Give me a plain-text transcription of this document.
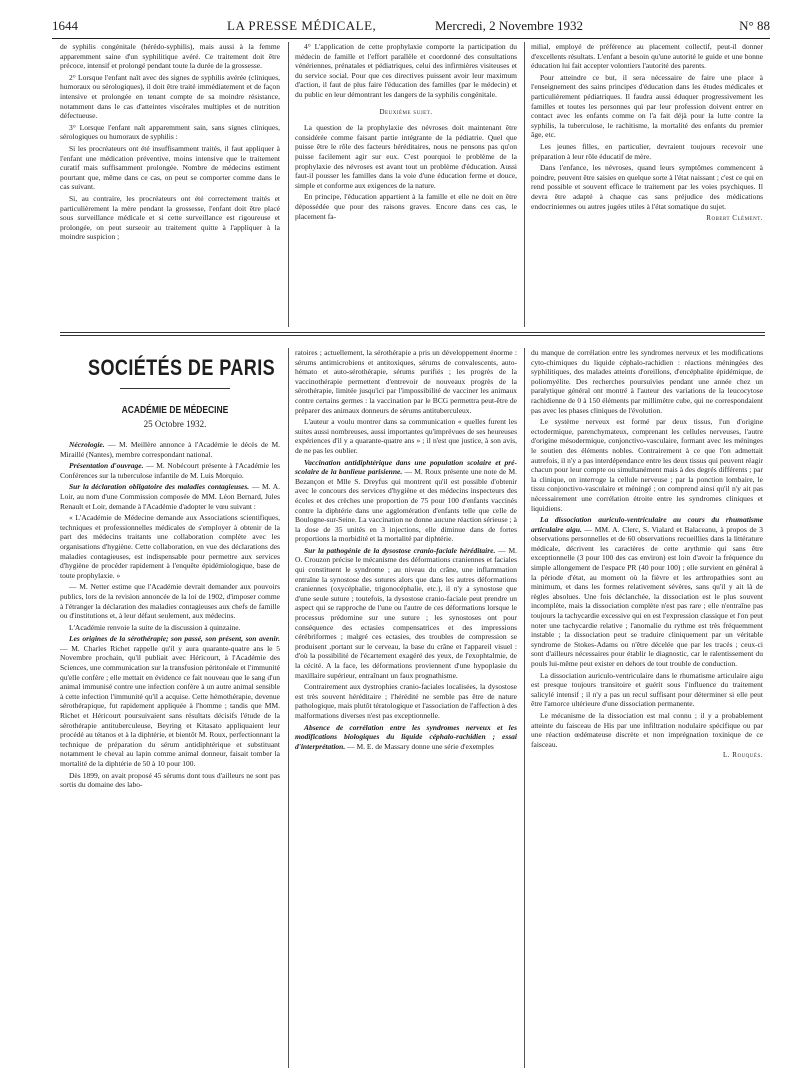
1644	LA PRESSE MÉDICALE,	Mercredi, 2 Novembre 1932	N° 88

de syphilis congénitale (hérédo-syphilis), mais aussi à la femme apparemment saine d'un syphilitique avéré. Ce traitement doit être précoce, intensif et prolongé pendant toute la durée de la grossesse.

2° Lorsque l'enfant naît avec des signes de syphilis avérée (cliniques, humoraux ou sérologiques), il doit être traité immédiatement et de façon intensive et prolongée en tenant compte de sa moindre résistance, notamment dans le cas d'atteintes viscérales multiples et de nutrition défectueuse.

3° Lorsque l'enfant naît apparemment sain, sans signes cliniques, sérologiques ou humoraux de syphilis :

Si les procréateurs ont été insuffisamment traités, il faut appliquer à l'enfant une médication préventive, moins intensive que le traitement curatif mais suffisamment prolongée. Nombre de médecins estiment pourtant que, même dans ce cas, on peut se comporter comme dans le cas suivant.

Si, au contraire, les procréateurs ont été correctement traités et particulièrement la mère pendant la grossesse, l'enfant doit être placé sous surveillance médicale et si cette surveillance est rigoureuse et prolongée, on peut surseoir au traitement quitte à l'appliquer à la moindre suspicion ;

4° L'application de cette prophylaxie comporte la participation du médecin de famille et l'effort parallèle et coordonné des consultations vénériennes, prénatales et pédiatriques, celui des infirmières visiteuses et du service social. Pour que ces directives puissent avoir leur maximum d'action, il faut de plus faire l'éducation des familles (par le médecin) et du public en leur démontrant les dangers de la syphilis congénitale.

Deuxième sujet.

La question de la prophylaxie des névroses doit maintenant être considérée comme faisant partie intégrante de la pédiatrie. Quel que puisse être le rôle des facteurs héréditaires, nous ne pensons pas qu'on puisse facilement agir sur eux. C'est pourquoi le problème de la prophylaxie des névroses est avant tout un problème d'éducation. Aussi faut-il pousser les familles dans la voie d'une éducation ferme et douce, simple et conforme aux exigences de la nature.

En principe, l'éducation appartient à la famille et elle ne doit en être dépossédée que pour des raisons graves. Encore dans ces cas, le placement fa-

milial, employé de préférence au placement collectif, peut-il donner d'excellents résultats. L'enfant a besoin qu'une autorité le guide et une bonne éducation lui fait accepter volontiers l'autorité des parents.

Pour atteindre ce but, il sera nécessaire de faire une place à l'enseignement des sains principes d'éducation dans les études médicales et particulièrement pédiatriques. Il faudra aussi éduquer progressivement les familles et toutes les personnes qui par leur profession doivent entrer en contact avec les enfants comme on l'a fait déjà pour la lutte contre la syphilis, la tuberculose, le rachitisme, la mortalité des enfants du premier âge, etc.

Les jeunes filles, en particulier, devraient toujours recevoir une préparation à leur rôle éducatif de mère.

Dans l'enfance, les névroses, quand leurs symptômes commencent à poindre, peuvent être saisies en quelque sorte à l'état naissant ; c'est ce qui en rend possible et souvent efficace le traitement par les voies psychiques. Il devra être adapté à chaque cas sans préjudice des médications endocriniennes ou autres jugées utiles à l'état somatique du sujet.

Robert Clément.

SOCIÉTÉS DE PARIS
ACADÉMIE DE MÉDECINE
25 Octobre 1932.

Nécrologie. — M. Meillère annonce à l'Académie le décès de M. Miraillé (Nantes), membre correspondant national.

Présentation d'ouvrage. — M. Nobécourt présente à l'Académie les Conférences sur la tuberculose infantile de M. Luis Morquio.

Sur la déclaration obligatoire des maladies contagieuses. — M. A. Loir, au nom d'une Commission composée de MM. Léon Bernard, Jules Renault et Loir, demande à l'Académie d'adopter le vœu suivant :

« L'Académie de Médecine demande aux Associations scientifiques, techniques et professionnelles médicales de s'employer à obtenir de la part des médecins traitants une collaboration complète avec les organisations d'hygiène. Cette collaboration, en vue des déclarations des maladies contagieuses, est indispensable pour permettre aux services d'hygiène de procéder rapidement à l'enquête épidémiologique, base de toute prophylaxie. »

— M. Netter estime que l'Académie devrait demander aux pouvoirs publics, lors de la revision annoncée de la loi de 1902, d'imposer comme à l'étranger la déclaration des maladies contagieuses aux chefs de famille ou d'institutions et, à leur défaut seulement, aux médecins.

L'Académie renvoie la suite de la discussion à quinzaine.

Les origines de la sérothérapie; son passé, son présent, son avenir. — M. Charles Richet rappelle qu'il y aura quarante-quatre ans le 5 Novembre prochain, qu'il publiait avec Héricourt, à l'Académie des Sciences, une communication sur la transfusion péritonéale et l'immunité qu'elle confère ; elle mettait en évidence ce fait nouveau que le sang d'un animal immunisé contre une infection confère à un autre animal sensible à cette infection l'immunité qu'il a acquise. Cette hémothérapie, devenue sérothérapique, fut rapidement appliquée à l'homme ; tandis que MM. Richet et Héricourt poursuivaient sans résultats décisifs l'étude de la sérothérapie antituberculeuse, Beyring et Kitasato appliquaient leur procédé au tétanos et à la diphtérie, et bientôt M. Roux, perfectionnant la technique de préparation du sérum antidiphtérique et substituant notamment le cheval au lapin comme animal donneur, faisait tomber la mortalité de la diphtérie de 50 à 10 pour 100.

Dès 1899, on avait proposé 45 sérums dont tous d'ailleurs ne sont pas sortis du domaine des labo-

ratoires ; actuellement, la sérothérapie a pris un développement énorme : sérums antimicrobiens et antitoxiques, sérums de convalescents, auto-hémato et auto-sérothérapie, sérums purifiés ; les progrès de la vaccinothérapie permettent d'entrevoir de nouveaux progrès de la sérothérapie, limitée jusqu'ici par l'impossibilité de vacciner les animaux contre certains germes : la vaccination par le BCG permettra peut-être de préparer des animaux donneurs de sérums antituberculeux.

L'auteur a voulu montrer dans sa communication « quelles furent les suites aussi nombreuses, aussi importantes qu'imprévues de ses heureuses expériences d'il y a quarante-quatre ans » ; il n'est que justice, à son avis, de ne pas les oublier.

Vaccination antidiphtérique dans une population scolaire et pré-scolaire de la banlieue parisienne. — M. Roux présente une note de M. Bezançon et Mlle S. Dreyfus qui montrent qu'il est possible d'obtenir avec le concours des services d'hygiène et des médecins inspecteurs des écoles et des crèches une proportion de 75 pour 100 d'enfants vaccinés contre la diphtérie dans une agglomération d'enfants telle que celle de Boulogne-sur-Seine. La vaccination ne donne aucune réaction sérieuse ; à la dose de 35 unités en 3 injections, elle diminue dans de fortes proportions la morbidité et la mortalité par diphtérie.

Sur la pathogénie de la dysostose cranio-faciale héréditaire. — M. O. Crouzon précise le mécanisme des déformations craniennes et faciales qui constituent le syndrome ; au niveau du crâne, une inflammation entraîne la synostose des sutures alors que dans les autres déformations craniennes (oxycéphalie, trigonocéphalie, etc.), il n'y a synostose que d'une seule suture ; toutefois, la dysostose cranio-faciale peut prendre un aspect qui se rapproche de l'une ou l'autre de ces déformations lorsque le processus prédomine sur une suture ; les synostoses ont pour conséquence des ectasies compensatrices et des impressions cérébriformes ; malgré ces ectasies, des troubles de compression se produisent ,portant sur le cerveau, la base du crâne et l'appareil visuel : d'où la possibilité de l'écartement exagéré des yeux, de l'exophtalmie, de la cécité. A la face, les déformations proviennent d'une hypoplasie du maxillaire supérieur, entraînant un faux prognathisme.

Contrairement aux dystrophies cranio-faciales localisées, la dysostose est très souvent héréditaire ; l'hérédité ne semble pas être de nature pathologique, mais plutôt tératologique et l'association de l'affection à des malformations diverses n'est pas exceptionnelle.

Absence de corrélation entre les syndromes nerveux et les modifications biologiques du liquide céphalo-rachidien ; essai d'interprétation. — M. E. de Massary donne une série d'exemples

du manque de corrélation entre les syndromes nerveux et les modifications cyto-chimiques du liquide céphalo-rachidien : réactions méningées des syphilitiques, des malades atteints d'oreillons, d'encéphalite épidémique, de poliomyélite. Des recherches poursuivies pendant une année chez un paralytique général ont montré à l'auteur des variations de la leucocytose rachidienne de 0 à 150 éléments par millimètre cube, qui ne correspondaient pas avec les phases cliniques de l'évolution.

Le système nerveux est formé par deux tissus, l'un d'origine ectodermique, parenchymateux, comprenant les cellules nerveuses, l'autre d'origine mésodermique, conjonctivo-vasculaire, formant avec les méninges le soutien des éléments nobles. Contrairement à ce que l'on admettait autrefois, il n'y a pas interdépendance entre les deux tissus qui peuvent réagir chacun pour leur compte ou simultanément mais à des degrés différents ; par la clinique, on interroge la cellule nerveuse ; par la ponction lombaire, le tissu conjonctivo-vasculaire et méningé ; on comprend ainsi qu'il n'y ait pas nécessairement une corrélation étroite entre les syndromes cliniques et liquidiens.

La dissociation auriculo-ventriculaire au cours du rhumatisme articulaire aigu. — MM. A. Clerc, S. Vialard et Balaceanu, à propos de 3 observations personnelles et de 60 observations recueillies dans la littérature médicale, décrivent les caractères de cette arythmie qui sans être exceptionnelle (3 pour 100 des cas environ) est loin d'avoir la fréquence du simple allongement de l'espace PR (40 pour 100) ; elle survient en général à la période d'état, au moment où la fièvre et les arthropathies sont au minimum, et dans les formes relativement sévères, sans qu'il y ait là de règles absolues. Une fois déclanchée, la dissociation est le plus souvent incomplète, mais la dissociation complète n'est pas rare ; elle n'entraîne pas toujours la tachycardie excessive qui en est l'expression classique et l'on peut noter une tachycardie relative ; l'anomalie du rythme est très fréquemment instable ; la dissociation peut se traduire cliniquement par un véritable syndrome de Stokes-Adams ou n'être décelée que par les tracés ; ceux-ci sont d'ailleurs nécessaires pour établir le diagnostic, car le ralentissement du pouls lui-même peut exister en dehors de tout trouble de conduction.

La dissociation auriculo-ventriculaire dans le rhumatisme articulaire aigu est presque toujours transitoire et guérit sous l'influence du traitement salicylé intensif ; il n'y a pas un recul suffisant pour déterminer si elle peut être l'amorce ultérieure d'une dissociation permanente.

Le mécanisme de la dissociation est mal connu ; il y a probablement atteinte du faisceau de His par une infiltration nodulaire spécifique ou par une réaction œdémateuse discrète et non imprégnation toxinique de ce faisceau.

L. Rouquès.
